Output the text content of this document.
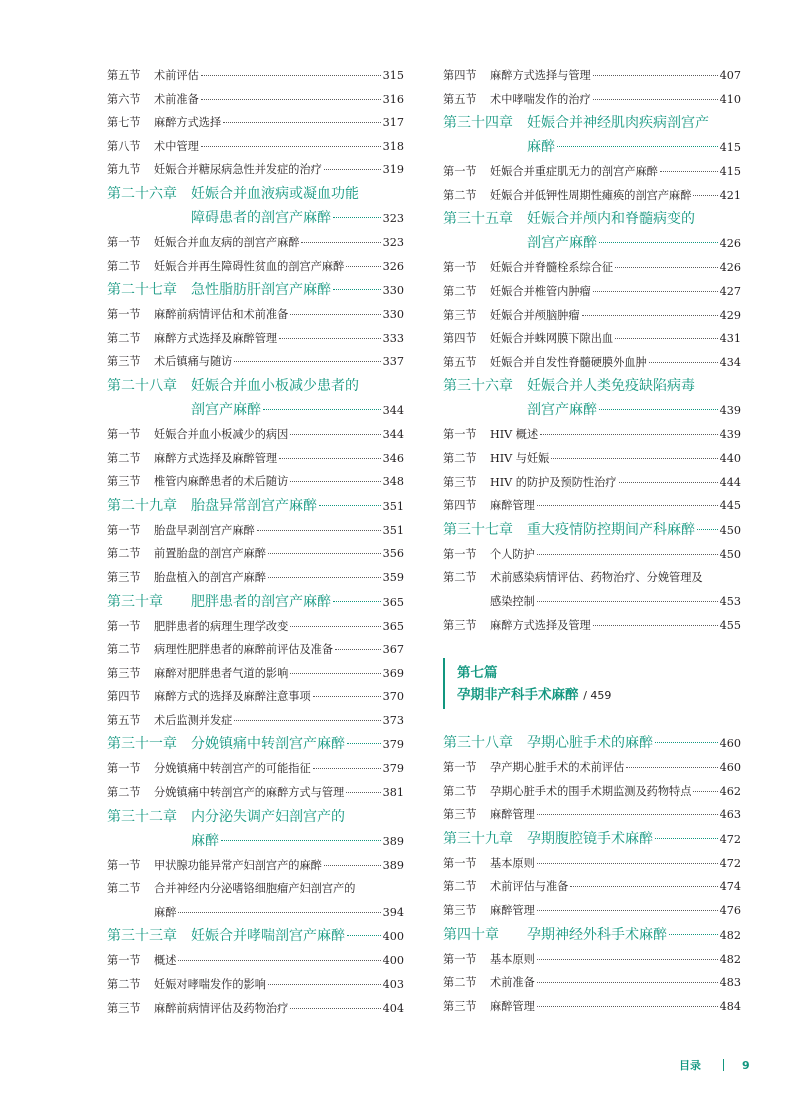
第五节	术前评估	315
第六节	术前准备	316
第七节	麻醉方式选择	317
第八节	术中管理	318
第九节	妊娠合并糖尿病急性并发症的治疗	319
第二十六章	妊娠合并血液病或凝血功能
障碍患者的剖宫产麻醉	323
第一节	妊娠合并血友病的剖宫产麻醉	323
第二节	妊娠合并再生障碍性贫血的剖宫产麻醉	326
第二十七章	急性脂肪肝剖宫产麻醉	330
第一节	麻醉前病情评估和术前准备	330
第二节	麻醉方式选择及麻醉管理	333
第三节	术后镇痛与随访	337
第二十八章	妊娠合并血小板减少患者的
剖宫产麻醉	344
第一节	妊娠合并血小板减少的病因	344
第二节	麻醉方式选择及麻醉管理	346
第三节	椎管内麻醉患者的术后随访	348
第二十九章	胎盘异常剖宫产麻醉	351
第一节	胎盘早剥剖宫产麻醉	351
第二节	前置胎盘的剖宫产麻醉	356
第三节	胎盘植入的剖宫产麻醉	359
第三十章	肥胖患者的剖宫产麻醉	365
第一节	肥胖患者的病理生理学改变	365
第二节	病理性肥胖患者的麻醉前评估及准备	367
第三节	麻醉对肥胖患者气道的影响	369
第四节	麻醉方式的选择及麻醉注意事项	370
第五节	术后监测并发症	373
第三十一章	分娩镇痛中转剖宫产麻醉	379
第一节	分娩镇痛中转剖宫产的可能指征	379
第二节	分娩镇痛中转剖宫产的麻醉方式与管理	381
第三十二章	内分泌失调产妇剖宫产的
麻醉	389
第一节	甲状腺功能异常产妇剖宫产的麻醉	389
第二节	合并神经内分泌嗜铬细胞瘤产妇剖宫产的
麻醉	394
第三十三章	妊娠合并哮喘剖宫产麻醉	400
第一节	概述	400
第二节	妊娠对哮喘发作的影响	403
第三节	麻醉前病情评估及药物治疗	404
第四节	麻醉方式选择与管理	407
第五节	术中哮喘发作的治疗	410
第三十四章	妊娠合并神经肌肉疾病剖宫产
麻醉	415
第一节	妊娠合并重症肌无力的剖宫产麻醉	415
第二节	妊娠合并低钾性周期性瘫痪的剖宫产麻醉	421
第三十五章	妊娠合并颅内和脊髓病变的
剖宫产麻醉	426
第一节	妊娠合并脊髓栓系综合征	426
第二节	妊娠合并椎管内肿瘤	427
第三节	妊娠合并颅脑肿瘤	429
第四节	妊娠合并蛛网膜下隙出血	431
第五节	妊娠合并自发性脊髓硬膜外血肿	434
第三十六章	妊娠合并人类免疫缺陷病毒
剖宫产麻醉	439
第一节	HIV 概述	439
第二节	HIV 与妊娠	440
第三节	HIV 的防护及预防性治疗	444
第四节	麻醉管理	445
第三十七章	重大疫情防控期间产科麻醉 450
第一节	个人防护	450
第二节	术前感染病情评估、药物治疗、分娩管理及
感染控制	453
第三节	麻醉方式选择及管理	455
第七篇
孕期非产科手术麻醉 / 459
第三十八章	孕期心脏手术的麻醉	460
第一节	孕产期心脏手术的术前评估	460
第二节	孕期心脏手术的围手术期监测及药物特点	462
第三节	麻醉管理	463
第三十九章	孕期腹腔镜手术麻醉	472
第一节	基本原则	472
第二节	术前评估与准备	474
第三节	麻醉管理	476
第四十章	孕期神经外科手术麻醉	482
第一节	基本原则	482
第二节	术前准备	483
第三节	麻醉管理	484
目录	9
